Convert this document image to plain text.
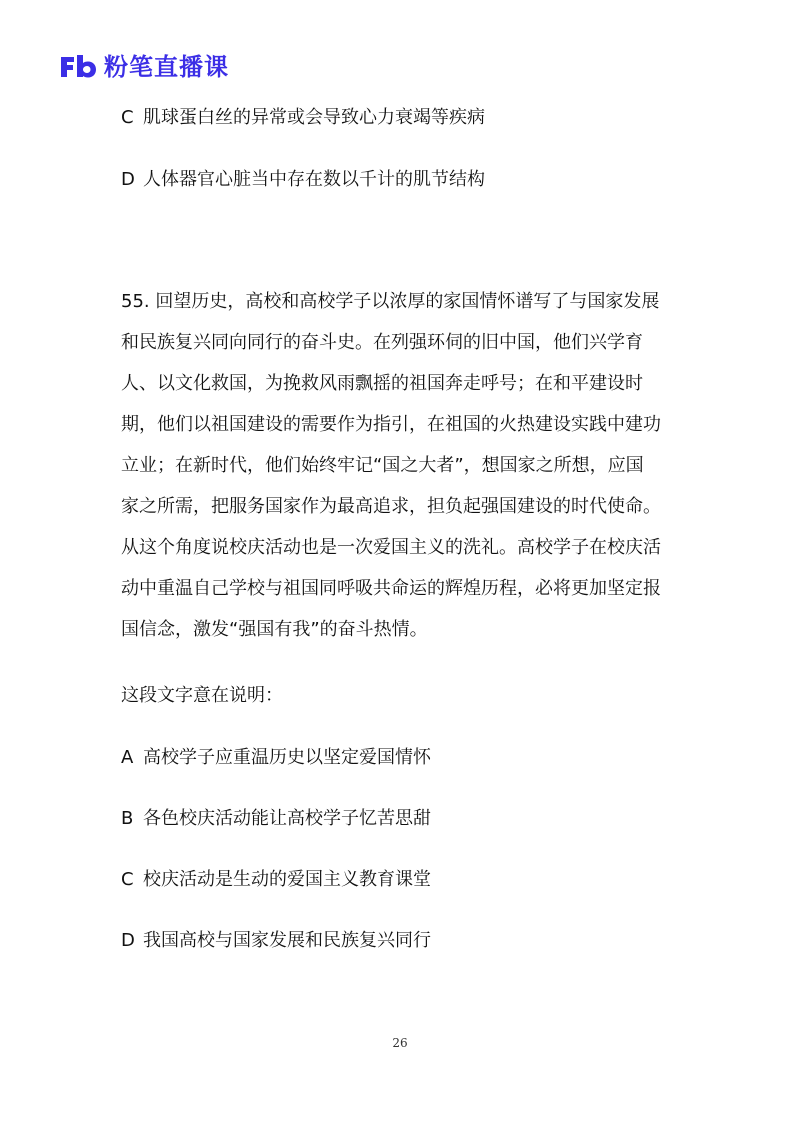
粉笔直播课
C 肌球蛋白丝的异常或会导致心力衰竭等疾病
D 人体器官心脏当中存在数以千计的肌节结构
55. 回望历史，高校和高校学子以浓厚的家国情怀谱写了与国家发展
和民族复兴同向同行的奋斗史。在列强环伺的旧中国，他们兴学育
人、以文化救国，为挽救风雨飘摇的祖国奔走呼号；在和平建设时
期，他们以祖国建设的需要作为指引，在祖国的火热建设实践中建功
立业；在新时代，他们始终牢记“国之大者”，想国家之所想，应国
家之所需，把服务国家作为最高追求，担负起强国建设的时代使命。
从这个角度说校庆活动也是一次爱国主义的洗礼。高校学子在校庆活
动中重温自己学校与祖国同呼吸共命运的辉煌历程，必将更加坚定报
国信念，激发“强国有我”的奋斗热情。
这段文字意在说明：
A 高校学子应重温历史以坚定爱国情怀
B 各色校庆活动能让高校学子忆苦思甜
C 校庆活动是生动的爱国主义教育课堂
D 我国高校与国家发展和民族复兴同行
26
